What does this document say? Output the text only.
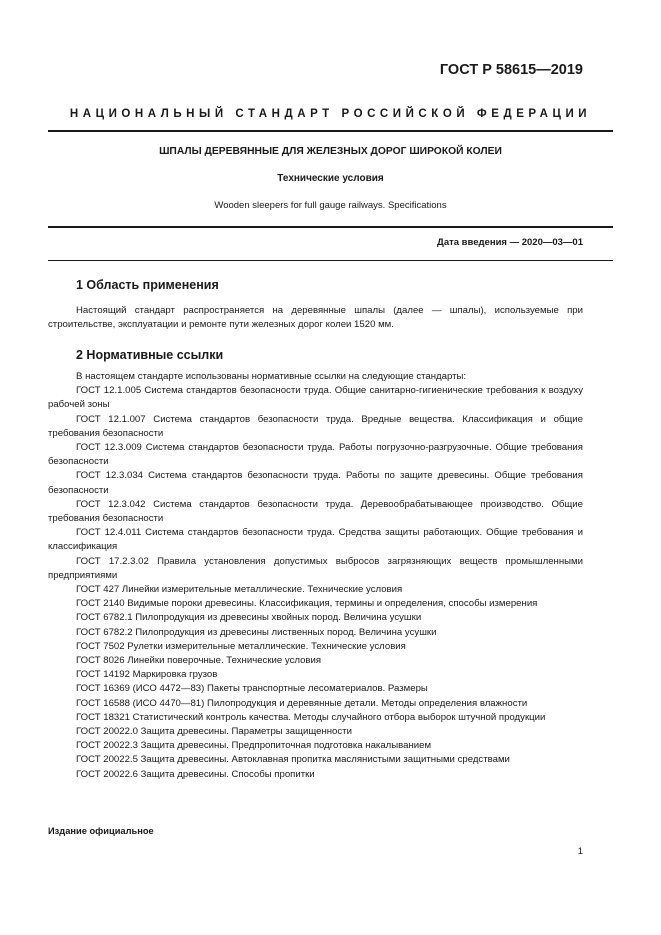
ГОСТ Р 58615—2019
НАЦИОНАЛЬНЫЙ СТАНДАРТ РОССИЙСКОЙ ФЕДЕРАЦИИ
ШПАЛЫ ДЕРЕВЯННЫЕ ДЛЯ ЖЕЛЕЗНЫХ ДОРОГ ШИРОКОЙ КОЛЕИ
Технические условия
Wooden sleepers for full gauge railways. Specifications
Дата введения — 2020—03—01
1 Область применения

Настоящий стандарт распространяется на деревянные шпалы (далее — шпалы), используемые при строительстве, эксплуатации и ремонте пути железных дорог колеи 1520 мм.

2 Нормативные ссылки

В настоящем стандарте использованы нормативные ссылки на следующие стандарты:

ГОСТ 12.1.005 Система стандартов безопасности труда. Общие санитарно-гигиенические требования к воздуху рабочей зоны

ГОСТ 12.1.007 Система стандартов безопасности труда. Вредные вещества. Классификация и общие требования безопасности

ГОСТ 12.3.009 Система стандартов безопасности труда. Работы погрузочно-разгрузочные. Общие требования безопасности

ГОСТ 12.3.034 Система стандартов безопасности труда. Работы по защите древесины. Общие требования безопасности

ГОСТ 12.3.042 Система стандартов безопасности труда. Деревообрабатывающее производство. Общие требования безопасности

ГОСТ 12.4.011 Система стандартов безопасности труда. Средства защиты работающих. Общие требования и классификация

ГОСТ 17.2.3.02 Правила установления допустимых выбросов загрязняющих веществ промышленными предприятиями

ГОСТ 427 Линейки измерительные металлические. Технические условия

ГОСТ 2140 Видимые пороки древесины. Классификация, термины и определения, способы измерения

ГОСТ 6782.1 Пилопродукция из древесины хвойных пород. Величина усушки

ГОСТ 6782.2 Пилопродукция из древесины лиственных пород. Величина усушки

ГОСТ 7502 Рулетки измерительные металлические. Технические условия

ГОСТ 8026 Линейки поверочные. Технические условия

ГОСТ 14192 Маркировка грузов

ГОСТ 16369 (ИСО 4472—83) Пакеты транспортные лесоматериалов. Размеры

ГОСТ 16588 (ИСО 4470—81) Пилопродукция и деревянные детали. Методы определения влажности

ГОСТ 18321 Статистический контроль качества. Методы случайного отбора выборок штучной продукции

ГОСТ 20022.0 Защита древесины. Параметры защищенности

ГОСТ 20022.3 Защита древесины. Предпропиточная подготовка накалыванием

ГОСТ 20022.5 Защита древесины. Автоклавная пропитка маслянистыми защитными средствами

ГОСТ 20022.6 Защита древесины. Способы пропитки

Издание официальное
1
